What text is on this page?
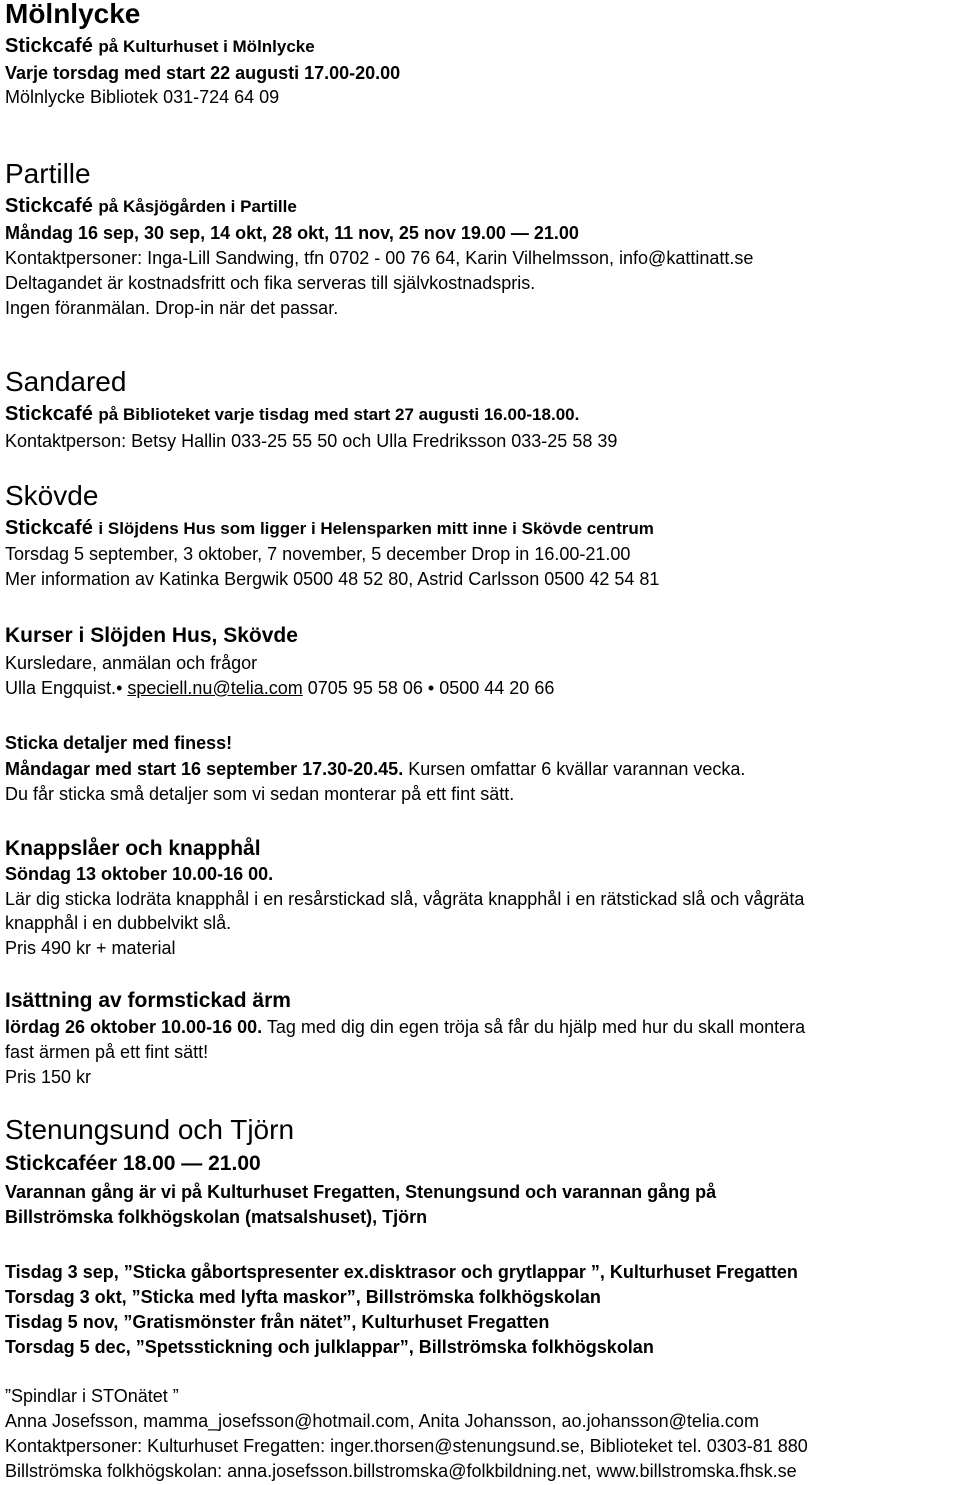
Mölnlycke
Stickcafé på Kulturhuset i Mölnlycke
Varje torsdag med start 22 augusti 17.00-20.00
Mölnlycke Bibliotek 031-724 64 09
Partille
Stickcafé på Kåsjögården i Partille
Måndag 16 sep, 30 sep, 14 okt, 28 okt, 11 nov, 25 nov 19.00 — 21.00
Kontaktpersoner: Inga-Lill Sandwing, tfn 0702 - 00 76 64, Karin Vilhelmsson, info@kattinatt.se
Deltagandet är kostnadsfritt och fika serveras till självkostnadspris.
Ingen föranmälan. Drop-in när det passar.
Sandared
Stickcafé på Biblioteket varje tisdag med start 27 augusti 16.00-18.00.
Kontaktperson: Betsy Hallin 033-25 55 50 och Ulla Fredriksson 033-25 58 39
Skövde
Stickcafé i Slöjdens Hus som ligger i Helensparken mitt inne i Skövde centrum
Torsdag 5 september, 3 oktober, 7 november, 5 december Drop in 16.00-21.00
Mer information av Katinka Bergwik 0500 48 52 80, Astrid Carlsson 0500 42 54 81
Kurser i Slöjden Hus, Skövde
Kursledare, anmälan och frågor
Ulla Engquist.• speciell.nu@telia.com 0705 95 58 06 • 0500 44 20 66
Sticka detaljer med finess!
Måndagar med start 16 september 17.30-20.45. Kursen omfattar 6 kvällar varannan vecka.
Du får sticka små detaljer som vi sedan monterar på ett fint sätt.
Knappslåer och knapphål
Söndag 13 oktober 10.00-16 00.
Lär dig sticka lodräta knapphål i en resårstickad slå, vågräta knapphål i en rätstickad slå och vågräta
knapphål i en dubbelvikt slå.
Pris 490 kr + material
Isättning av formstickad ärm
lördag 26 oktober 10.00-16 00. Tag med dig din egen tröja så får du hjälp med hur du skall montera
fast ärmen på ett fint sätt!
Pris 150 kr
Stenungsund och Tjörn
Stickcaféer 18.00 — 21.00
Varannan gång är vi på Kulturhuset Fregatten, Stenungsund och varannan gång på
Billströmska folkhögskolan (matsalshuset), Tjörn
Tisdag 3 sep, ”Sticka gåbortspresenter ex.disktrasor och grytlappar ”, Kulturhuset Fregatten
Torsdag 3 okt, ”Sticka med lyfta maskor”, Billströmska folkhögskolan
Tisdag 5 nov, ”Gratismönster från nätet”, Kulturhuset Fregatten
Torsdag 5 dec, ”Spetsstickning och julklappar”, Billströmska folkhögskolan
”Spindlar i STOnätet ”
Anna Josefsson, mamma_josefsson@hotmail.com, Anita Johansson, ao.johansson@telia.com
Kontaktpersoner: Kulturhuset Fregatten: inger.thorsen@stenungsund.se, Biblioteket tel. 0303-81 880
Billströmska folkhögskolan: anna.josefsson.billstromska@folkbildning.net, www.billstromska.fhsk.se
